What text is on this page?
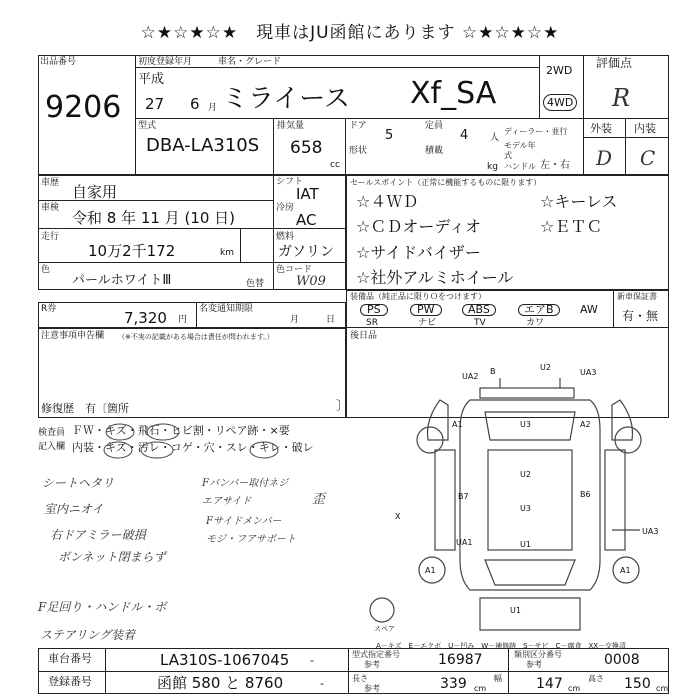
☆★☆★☆★　現車はJU函館にあります ☆★☆★☆★
出品番号
9206
初度登録年月	車名・グレード
平成
27 6 月 ミライース Xf_SA
2WD
4WD
評価点
R
外装 内装
D C
型式
DBA-LA310S
排気量
658
cc
ドア
5
定員
4 人
形状	積載
kg
ディーラー・並行
モデル年式
ハンドル 左・右
車歴 自家用
車検
令和 8 年 11 月 (10 日)
走行
10万2千172	km
シフト
IAT
冷房
AC
燃料
ガソリン
色
パールホワイトⅢ	色替
色コード
W09
セールスポイント（正常に機能するものに限ります）
☆４ＷＤ	☆キーレス
☆ＣＤオーディオ	☆ＥＴＣ
☆サイドバイザー
☆社外アルミホイール
R券	7,320 円
名変通知期限
月	日
装備品（純正品に限りＯをつけます）
PS	PW	ABS	エアB	AW
SR	ナビ	TV	カワ
新車保証書
有・無
注意事項申告欄 （※不実の記載がある場合は責任が問われます。）
修復歴　有〔箇所	〕
後日品
検査員
記入欄
ＦＷ・キズ・飛石・ヒビ割・リペア跡・×要
内装・キズ・汚レ・コゲ・穴・スレ・キレ・破レ
シートヘタリ
室内ニオイ
右ドアミラー破損
ボンネット閉まらず
Fバンパー取付ネジ
エアサイド
Fサイドメンバー
モジ・フアサポート
歪
F足回り・ハンドル・ボ
ステアリング装着
UA2
B	U2
UA3
A1	A2
U3
B7	B6
U3
U2
X
UA1	U1
UA3
A1	A1
U1
スペア
A－キズ　E－エクボ　U－凹み　W－補修跡　S－サビ　C－腐食　XX－交換済
車台番号	LA310S-1067045 -
登録番号	函館 580 と 8760	-
型式指定番号
参考	16987	類別区分番号
参考	0008
長さ
参考	339 cm
幅 147 cm
高さ 150 cm
